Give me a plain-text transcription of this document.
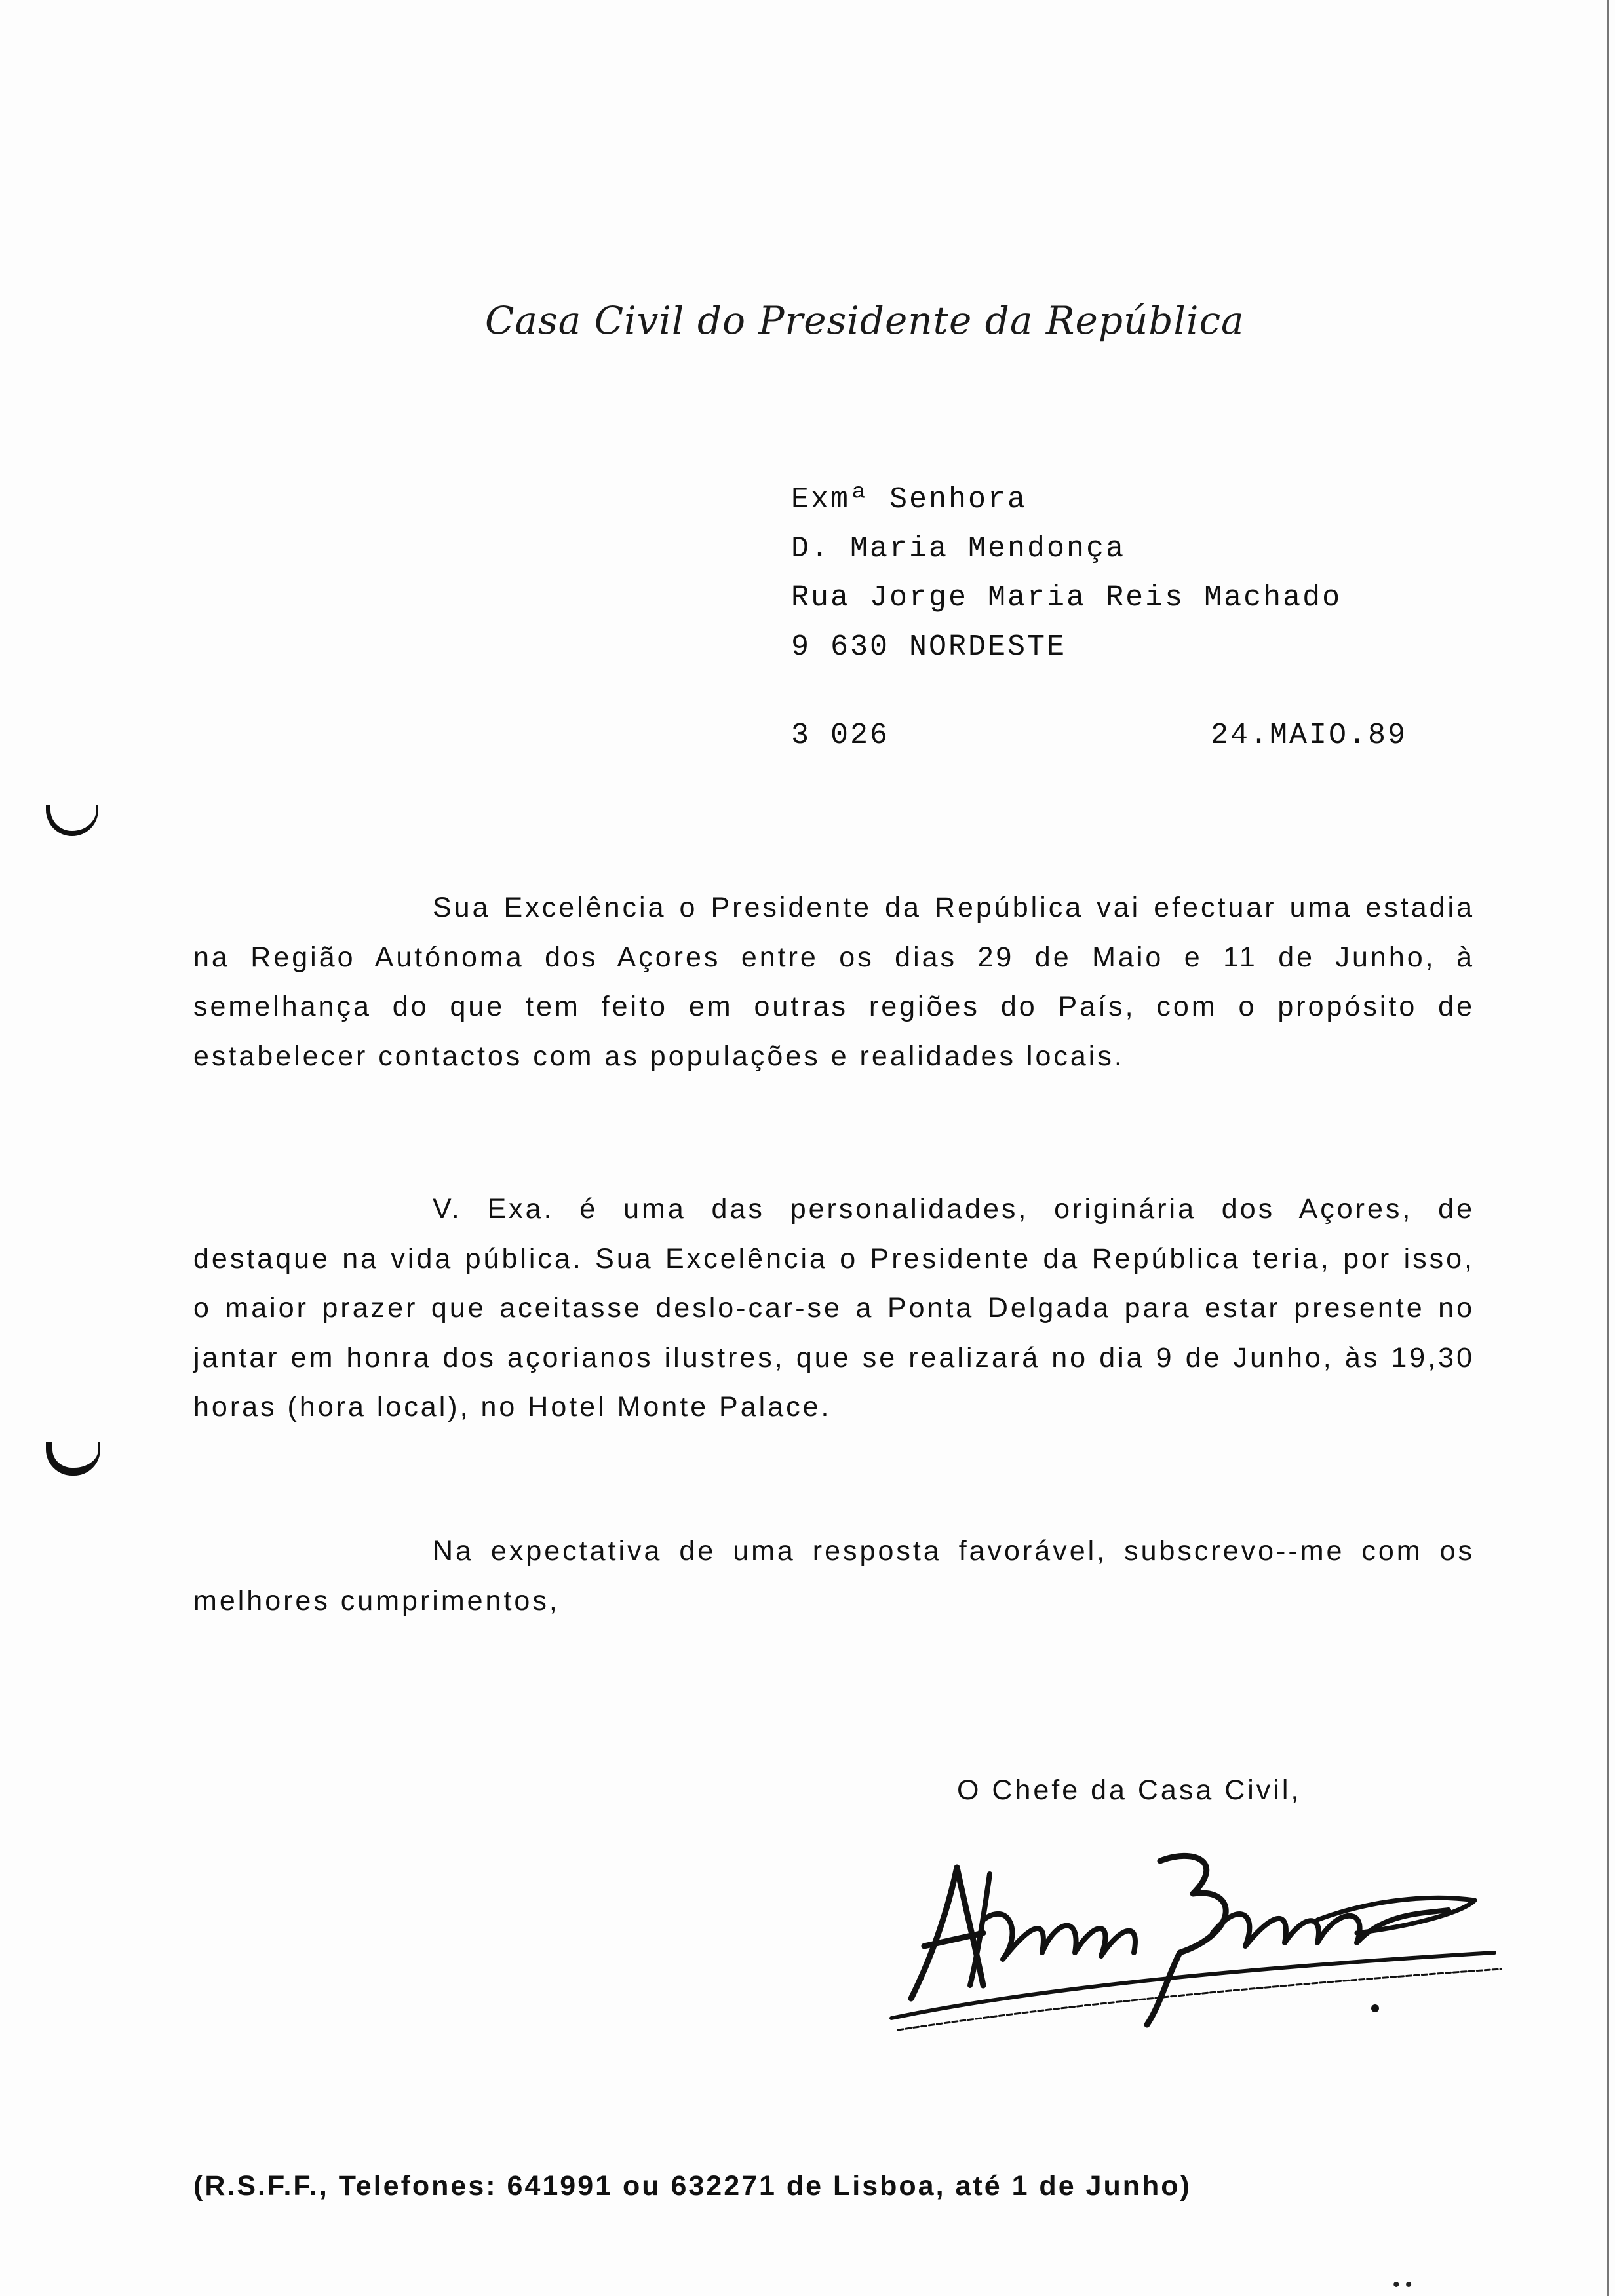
Casa Civil do Presidente da República
Exmª Senhora
D. Maria Mendonça
Rua Jorge Maria Reis Machado
9 630 NORDESTE
3 026	24.MAIO.89

Sua Excelência o Presidente da República vai efectuar uma estadia na Região Autónoma dos Açores entre os dias 29 de Maio e 11 de Junho, à semelhança do que tem feito em outras regiões do País, com o propósito de estabelecer contactos com as populações e realidades locais.

V. Exa. é uma das personalidades, originária dos Açores, de destaque na vida pública. Sua Excelência o Presidente da República teria, por isso, o maior prazer que aceitasse deslo-car-se a Ponta Delgada para estar presente no jantar em honra dos açorianos ilustres, que se realizará no dia 9 de Junho, às 19,30 horas (hora local), no Hotel Monte Palace.

Na expectativa de uma resposta favorável, subscrevo--me com os melhores cumprimentos,

O Chefe da Casa Civil,
(R.S.F.F., Telefones: 641991 ou 632271 de Lisboa, até 1 de Junho)
• •
